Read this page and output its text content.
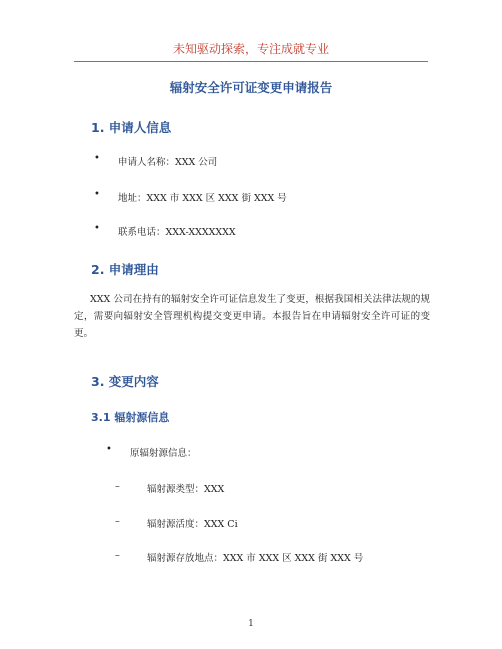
未知驱动探索，专注成就专业
辐射安全许可证变更申请报告
1. 申请人信息
• 申请人名称：XXX 公司
• 地址：XXX 市 XXX 区 XXX 街 XXX 号
• 联系电话：XXX-XXXXXXX
2. 申请理由
XXX 公司在持有的辐射安全许可证信息发生了变更，根据我国相关法律法规的规定，需要向辐射安全管理机构提交变更申请。本报告旨在申请辐射安全许可证的变更。
3. 变更内容
3.1 辐射源信息
• 原辐射源信息：
–	辐射源类型：XXX
–	辐射源活度：XXX Ci
–	辐射源存放地点：XXX 市 XXX 区 XXX 街 XXX 号
1
